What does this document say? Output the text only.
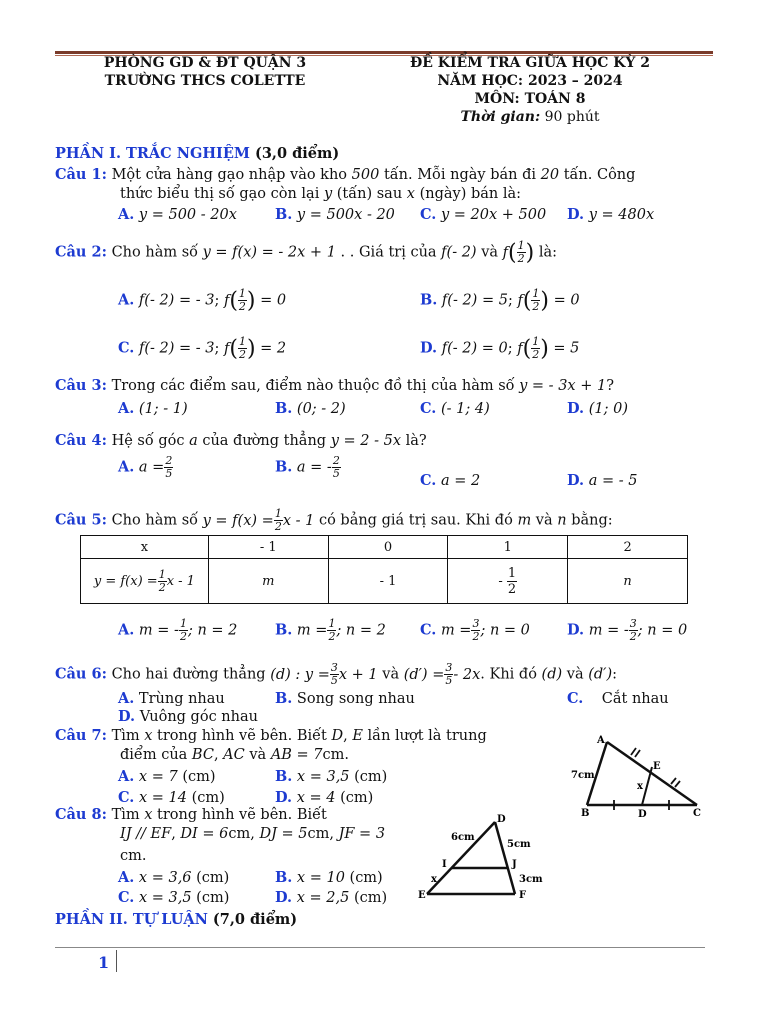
PHÒNG GD & ĐT QUẬN 3
TRƯỜNG THCS COLETTE
ĐỀ KIỂM TRA GIỮA HỌC KỲ 2
NĂM HỌC: 2023 – 2024
MÔN: TOÁN 8
Thời gian: 90 phút
PHẦN I. TRẮC NGHIỆM (3,0 điểm)
Câu 1: Một cửa hàng gạo nhập vào kho 500 tấn. Mỗi ngày bán đi 20 tấn. Công
thức biểu thị số gạo còn lại y (tấn) sau x (ngày) bán là:
A. y = 500 - 20x	B. y = 500x - 20 C. y = 20x + 500 D. y = 480x
Câu 2: Cho hàm số y = f(x) = - 2x + 1 . . Giá trị của f(- 2) và $f( \frac{1}{2}$ ) là:
A. f(- 2) = - 3; $f( \frac{1}{2}$ ) = 0	B. f(- 2) = 5; $f( \frac{1}{2}$ ) = 0
C. f(- 2) = - 3; $f( \frac{1}{2}$ ) = 2	D. f(- 2) = 0; $f( \frac{1}{2}$ ) = 5
Câu 3: Trong các điểm sau, điểm nào thuộc đồ thị của hàm số y = - 3x + 1?
A. (1; - 1)	B. (0; - 2)	C. (- 1; 4)	D. (1; 0)
Câu 4: Hệ số góc a của đường thẳng y = 2 - 5x là?
A. $a = \frac{2}{5}$	B. a = - $\frac{2}{5}$
C. a = 2	D. a = - 5
Câu 5: Cho hàm số $y = f(x) = \frac{1}{2}$ x - 1 có bảng giá trị sau. Khi đó m và n bằng:
x	- 1	0	1	2
$y = f(x) = \frac{1}{2}$ x - 1	m	- 1	- $\frac{1}{2}$	n
A. m = - $\frac{1}{2}$ ; n = 2	B. $m = \frac{1}{2}$ ; n = 2 C. $m = \frac{3}{2}$ ; n = 0	D. m = - $\frac{3}{2}$ ; n = 0
Câu 6: Cho hai đường thẳng (d) : $y = \frac{3}{5}$ x + 1 và $(d') = \frac{3}{5} - 2x$. Khi đó (d) và (d′):
A. Trùng nhau	B. Song song nhau	C. Cắt nhau
D. Vuông góc nhau
Câu 7: Tìm x trong hình vẽ bên. Biết D, E lần lượt là trung
điểm của BC, AC và AB = 7cm.
A. x = 7 (cm)	B. x = 3,5 (cm)
C. x = 14 (cm)	D. x = 4 (cm)
A
B	C
D
E
x
7cm
Câu 8: Tìm x trong hình vẽ bên. Biết
IJ // EF, DI = 6cm, DJ = 5cm, JF = 3
cm.
A. x = 3,6 (cm)	B. x = 10 (cm)
C. x = 3,5 (cm)	D. x = 2,5 (cm)
D
I	J
E	F
x
6cm
5cm
3cm
PHẦN II. TỰ LUẬN (7,0 điểm)
1
